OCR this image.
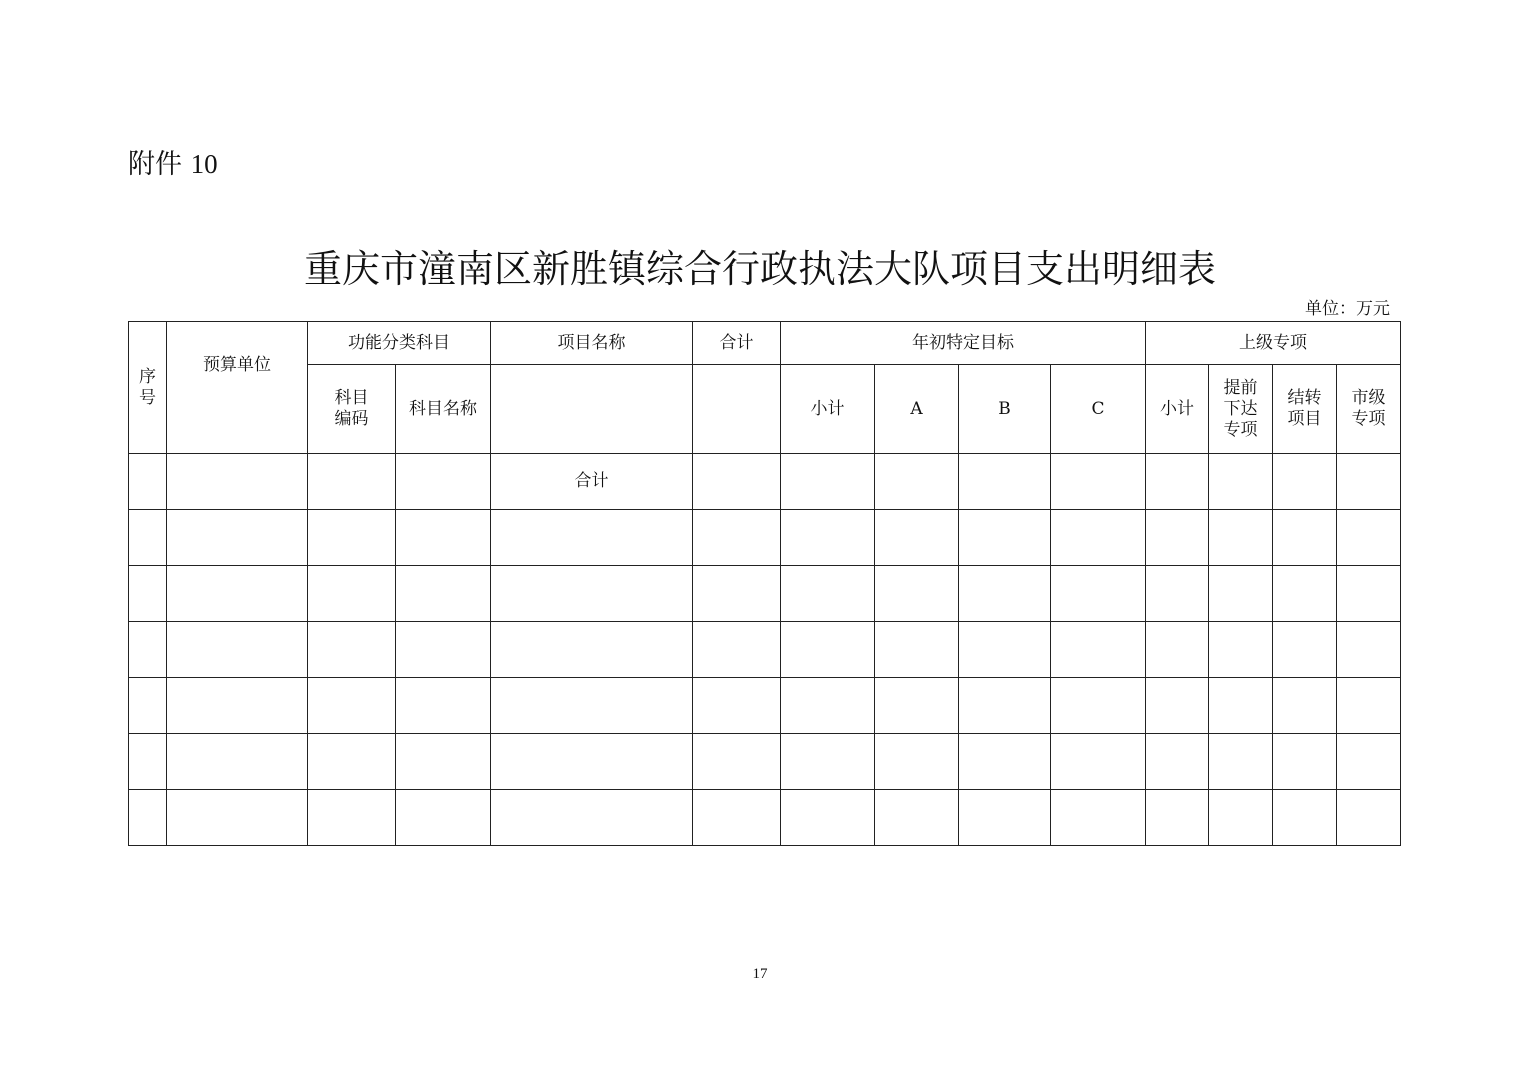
附件 10
重庆市潼南区新胜镇综合行政执法大队项目支出明细表
单位：万元
序号	预算单位	功能分类科目		项目名称	合计	年初特定目标				上级专项			

		科目编码	科目名称			小计	A	B	C	小计	提前下达专项	结转项目	市级专项

				合计									

17
